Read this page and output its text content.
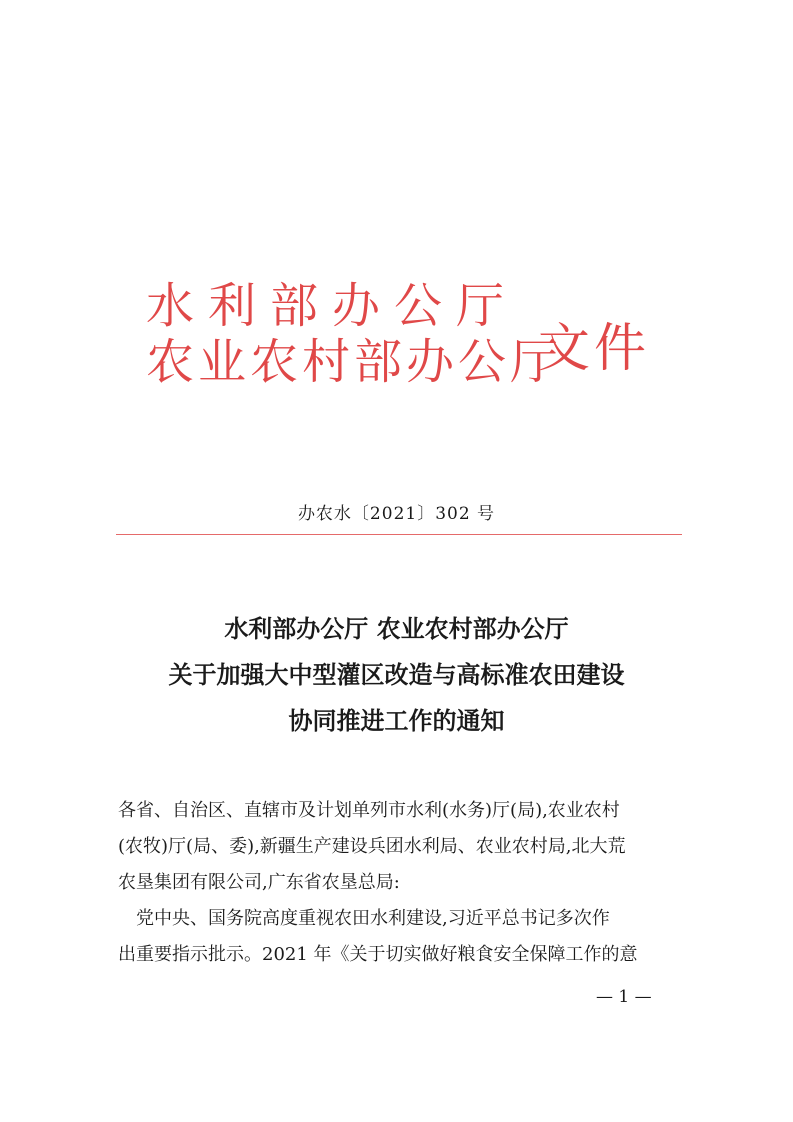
水利部办公厅
农业农村部办公厅
文件
办农水〔2021〕302 号
水利部办公厅 农业农村部办公厅
关于加强大中型灌区改造与高标准农田建设
协同推进工作的通知

各省、自治区、直辖市及计划单列市水利(水务)厅(局),农业农村

(农牧)厅(局、委),新疆生产建设兵团水利局、农业农村局,北大荒

农垦集团有限公司,广东省农垦总局:

党中央、国务院高度重视农田水利建设,习近平总书记多次作

出重要指示批示。2021 年《关于切实做好粮食安全保障工作的意

— 1 —
